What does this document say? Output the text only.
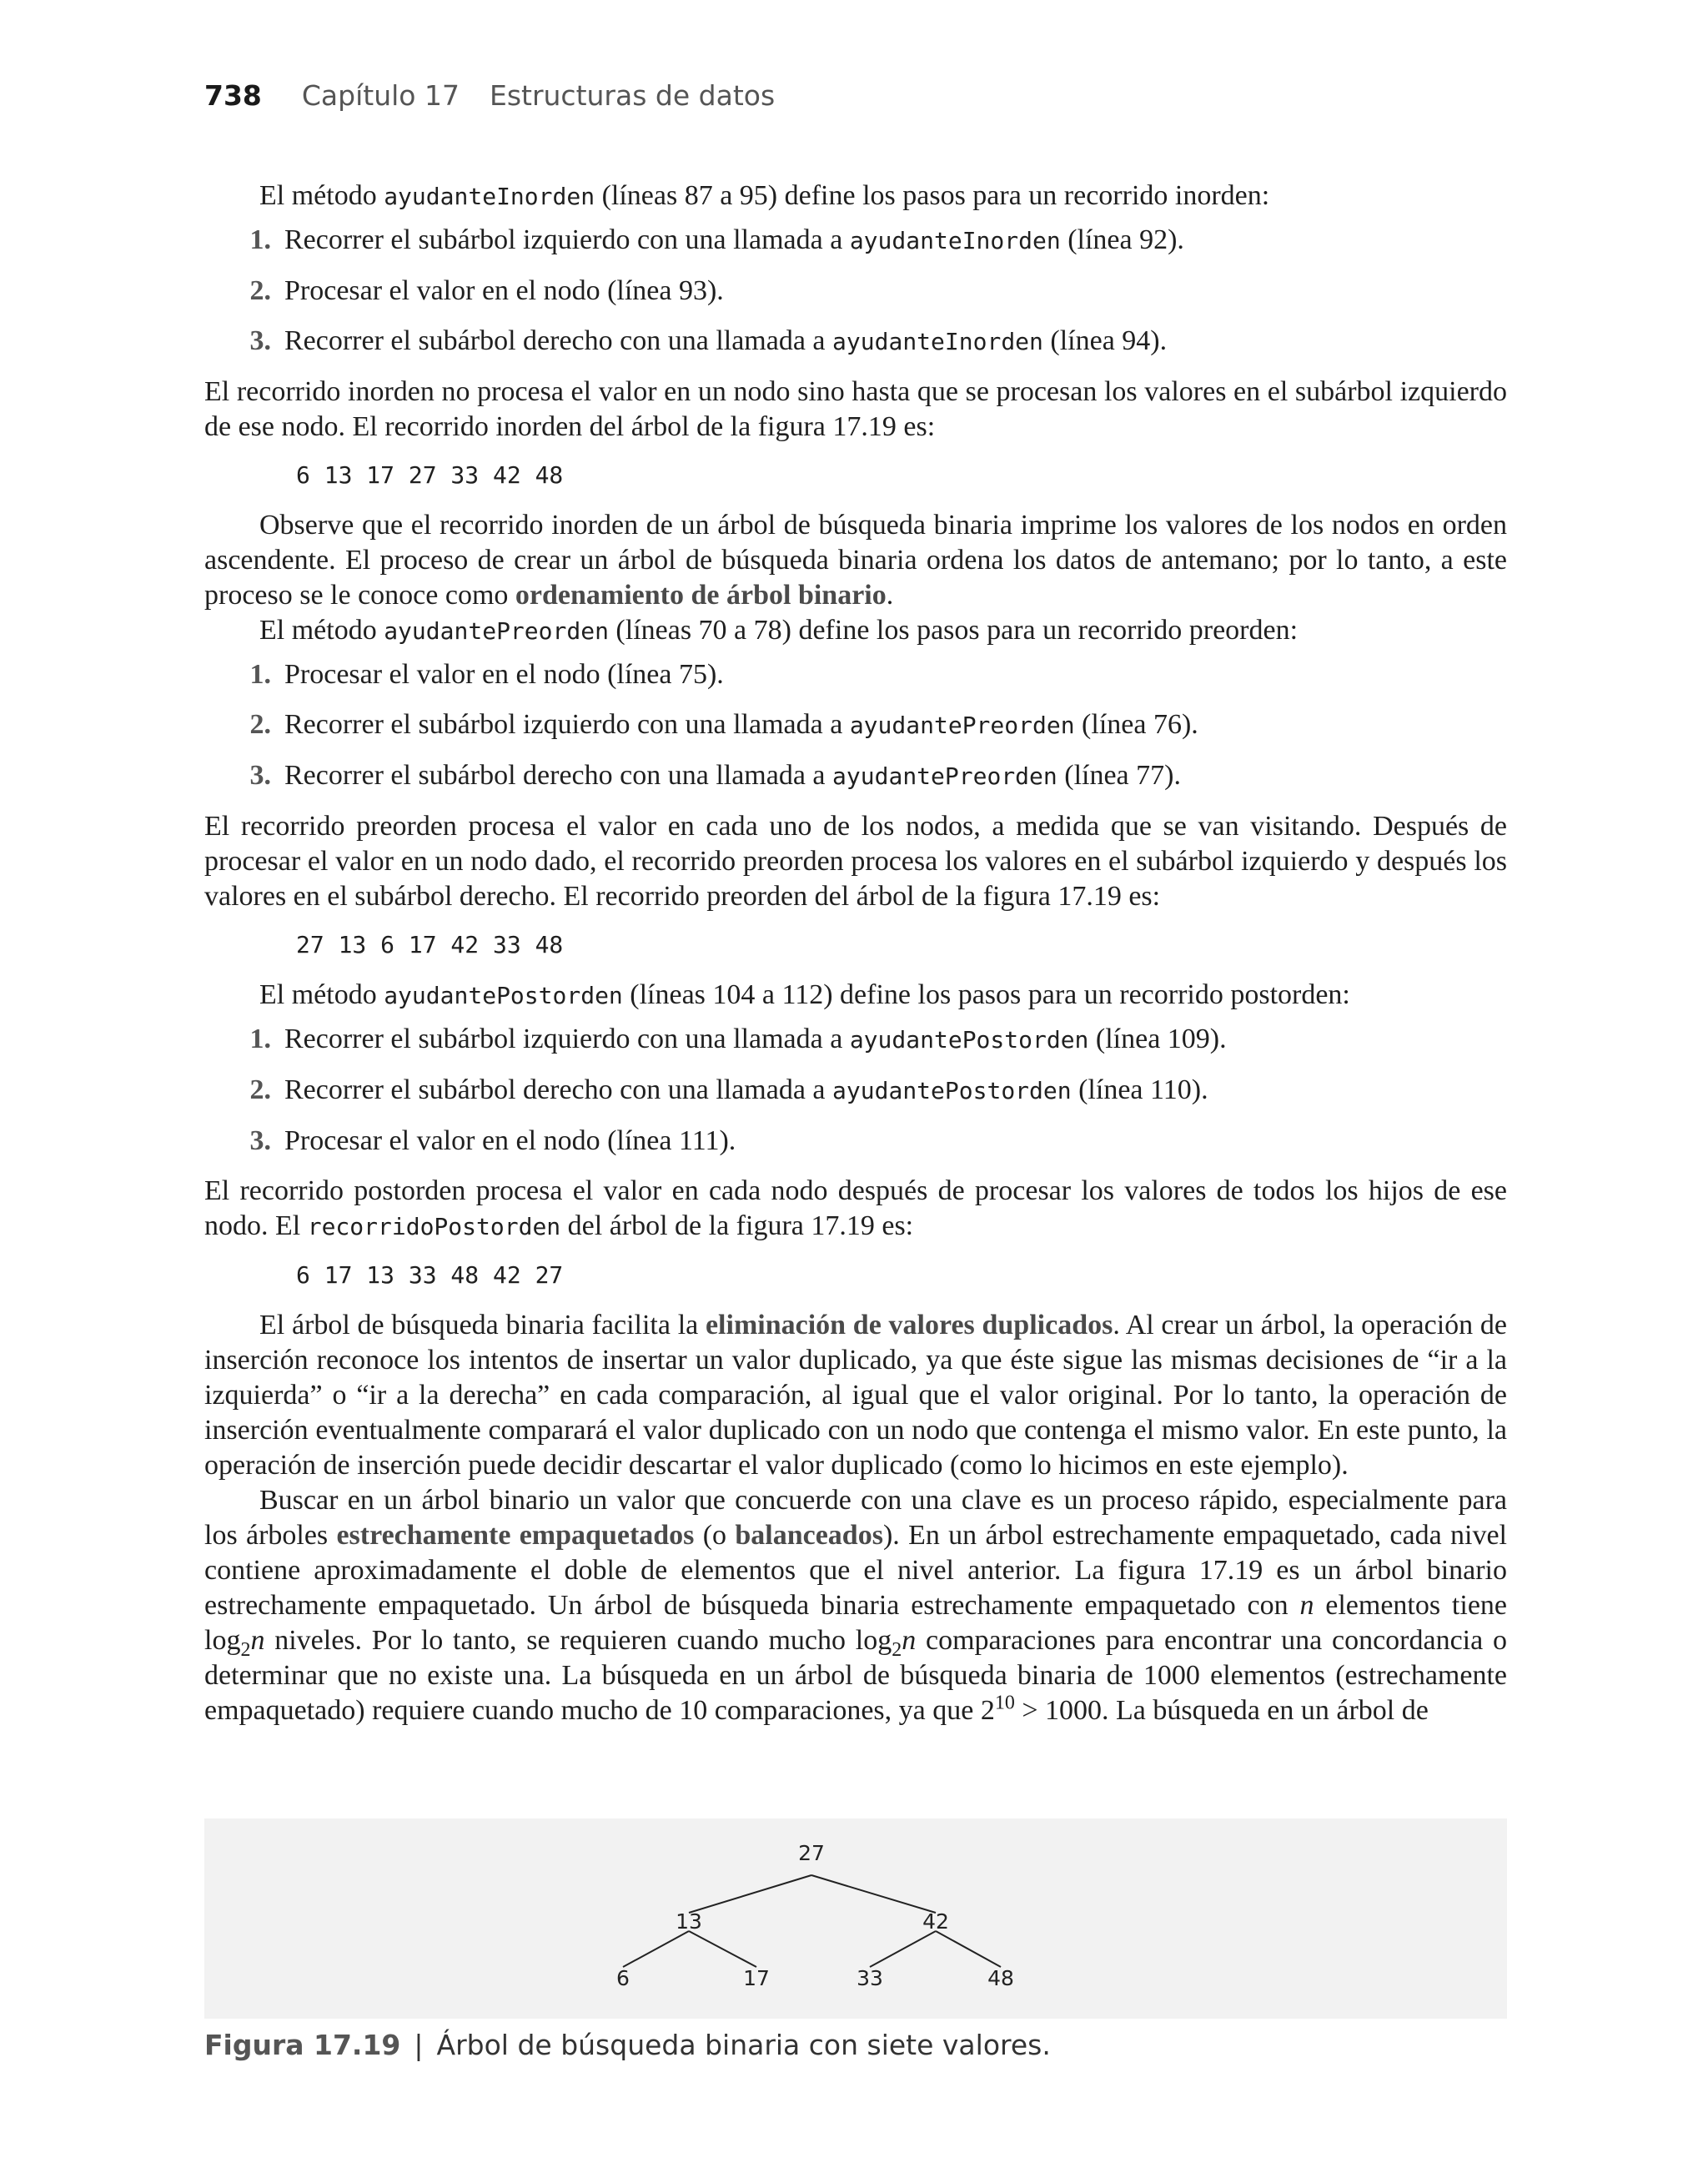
738 Capítulo 17 Estructuras de datos

El método ayudanteInorden (líneas 87 a 95) define los pasos para un recorrido inorden:

1. Recorrer el subárbol izquierdo con una llamada a ayudanteInorden (línea 92).
2. Procesar el valor en el nodo (línea 93).
3. Recorrer el subárbol derecho con una llamada a ayudanteInorden (línea 94).

El recorrido inorden no procesa el valor en un nodo sino hasta que se procesan los valores en el subárbol izquierdo de ese nodo. El recorrido inorden del árbol de la figura 17.19 es:

6 13 17 27 33 42 48

Observe que el recorrido inorden de un árbol de búsqueda binaria imprime los valores de los nodos en orden ascendente. El proceso de crear un árbol de búsqueda binaria ordena los datos de antemano; por lo tanto, a este proceso se le conoce como ordenamiento de árbol binario.

El método ayudantePreorden (líneas 70 a 78) define los pasos para un recorrido preorden:

1. Procesar el valor en el nodo (línea 75).
2. Recorrer el subárbol izquierdo con una llamada a ayudantePreorden (línea 76).
3. Recorrer el subárbol derecho con una llamada a ayudantePreorden (línea 77).

El recorrido preorden procesa el valor en cada uno de los nodos, a medida que se van visitando. Después de procesar el valor en un nodo dado, el recorrido preorden procesa los valores en el subárbol izquierdo y después los valores en el subárbol derecho. El recorrido preorden del árbol de la figura 17.19 es:

27 13 6 17 42 33 48

El método ayudantePostorden (líneas 104 a 112) define los pasos para un recorrido postorden:

1. Recorrer el subárbol izquierdo con una llamada a ayudantePostorden (línea 109).
2. Recorrer el subárbol derecho con una llamada a ayudantePostorden (línea 110).
3. Procesar el valor en el nodo (línea 111).

El recorrido postorden procesa el valor en cada nodo después de procesar los valores de todos los hijos de ese nodo. El recorridoPostorden del árbol de la figura 17.19 es:

6 17 13 33 48 42 27

El árbol de búsqueda binaria facilita la eliminación de valores duplicados. Al crear un árbol, la operación de inserción reconoce los intentos de insertar un valor duplicado, ya que éste sigue las mismas decisiones de “ir a la izquierda” o “ir a la derecha” en cada comparación, al igual que el valor original. Por lo tanto, la operación de inserción eventualmente comparará el valor duplicado con un nodo que contenga el mismo valor. En este punto, la operación de inserción puede decidir descartar el valor duplicado (como lo hicimos en este ejemplo).

Buscar en un árbol binario un valor que concuerde con una clave es un proceso rápido, especialmente para los árboles estrechamente empaquetados (o balanceados). En un árbol estrechamente empaquetado, cada nivel contiene aproximadamente el doble de elementos que el nivel anterior. La figura 17.19 es un árbol binario estrechamente empaquetado. Un árbol de búsqueda binaria estrechamente empaquetado con n elementos tiene $\log_2n$ niveles. Por lo tanto, se requieren cuando mucho $\log_2n$ comparaciones para encontrar una concordancia o determinar que no existe una. La búsqueda en un árbol de búsqueda binaria de 1000 elementos (estrechamente empaquetado) requiere cuando mucho de 10 comparaciones, ya que $2^{10} > 1000$. La búsqueda en un árbol de

27
13	42
6	17	33	48
Figura 17.19 | Árbol de búsqueda binaria con siete valores.
